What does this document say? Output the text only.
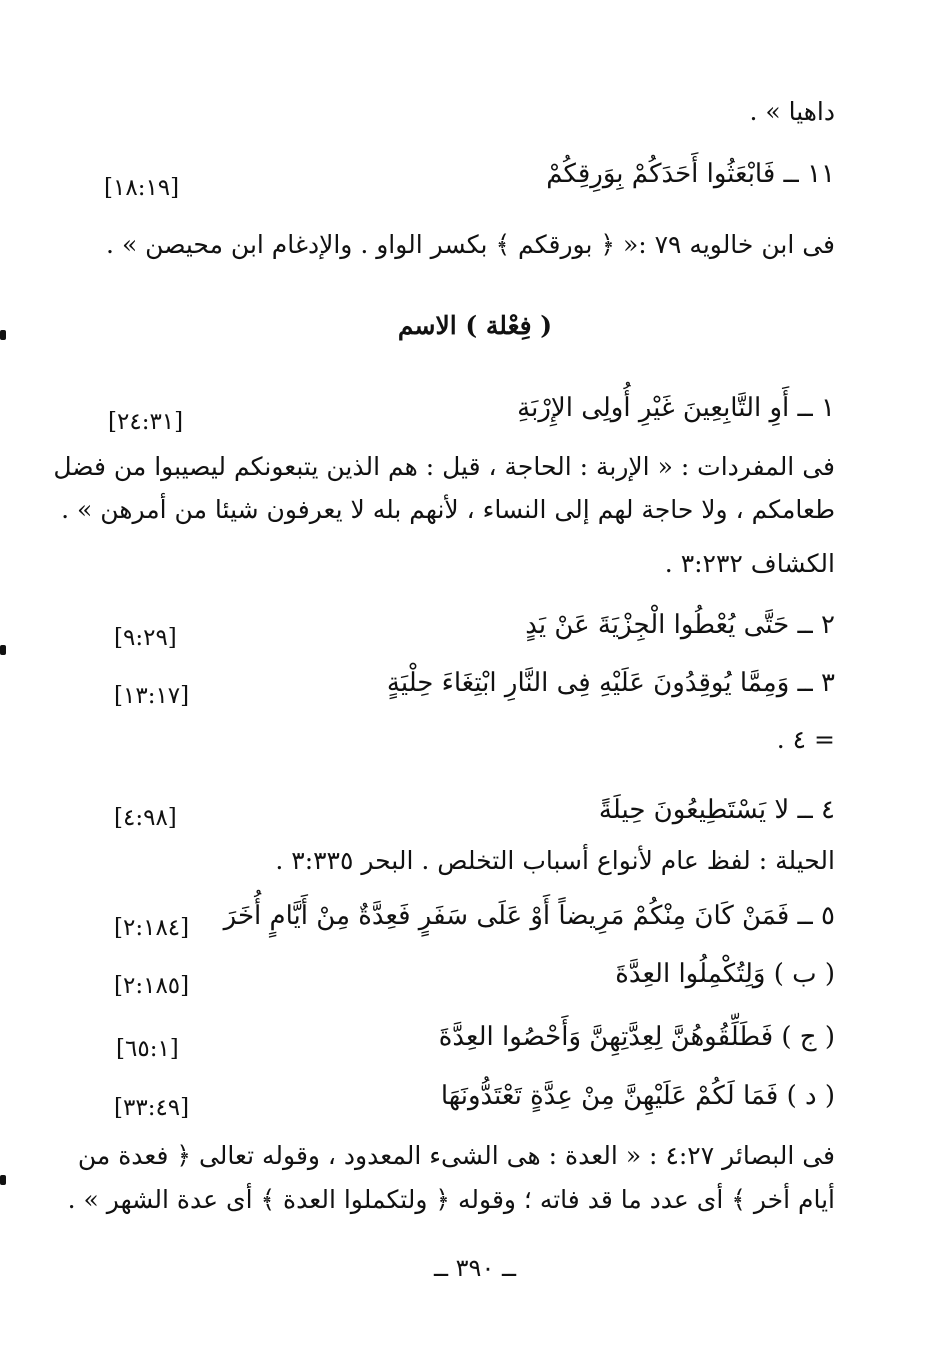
داهيا » .
١١ ــ فَابْعَثُوا أَحَدَكُمْ بِوَرِقِكُمْ
[١٨:١٩]
فى ابن خالويه ٧٩ :« ﴿ بورقكم ﴾ بكسر الواو . والإدغام ابن محيصن » .
( فِعْلة ) الاسم
١ ــ أَوِ التَّابِعِينَ غَيْرِ أُولِى الإِرْبَةِ
[٢٤:٣١]
فى المفردات : « الإربة : الحاجة ، قيل : هم الذين يتبعونكم ليصيبوا من فضل
طعامكم ، ولا حاجة لهم إلى النساء ، لأنهم بله لا يعرفون شيئا من أمرهن » .
الكشاف ٣:٢٣٢ .
٢ ــ حَتَّى يُعْطُوا الْجِزْيَةَ عَنْ يَدٍ
[٩:٢٩]
٣ ــ وَمِمَّا يُوقِدُونَ عَلَيْهِ فِى النَّارِ ابْتِغَاءَ حِلْيَةٍ
[١٣:١٧]
= ٤ .
٤ ــ لا يَسْتَطِيعُونَ حِيلَةً
[٤:٩٨]
الحيلة : لفظ عام لأنواع أسباب التخلص . البحر ٣:٣٣٥ .
٥ ــ فَمَنْ كَانَ مِنْكُمْ مَرِيضاً أَوْ عَلَى سَفَرٍ فَعِدَّةٌ مِنْ أَيَّامٍ أُخَرَ
[٢:١٨٤]
( ب ) وَلِتُكْمِلُوا العِدَّةَ
[٢:١٨٥]
( ج ) فَطَلِّقُوهُنَّ لِعِدَّتِهِنَّ وَأَحْصُوا العِدَّةَ
[٦٥:١]
( د ) فَمَا لَكُمْ عَلَيْهِنَّ مِنْ عِدَّةٍ تَعْتَدُّونَهَا
[٣٣:٤٩]
فى البصائر ٤:٢٧ : « العدة : هى الشىء المعدود ، وقوله تعالى ﴿ فعدة من
أيام أخر ﴾ أى عدد ما قد فاته ؛ وقوله ﴿ ولتكملوا العدة ﴾ أى عدة الشهر » .
ــ ٣٩٠ ــ
